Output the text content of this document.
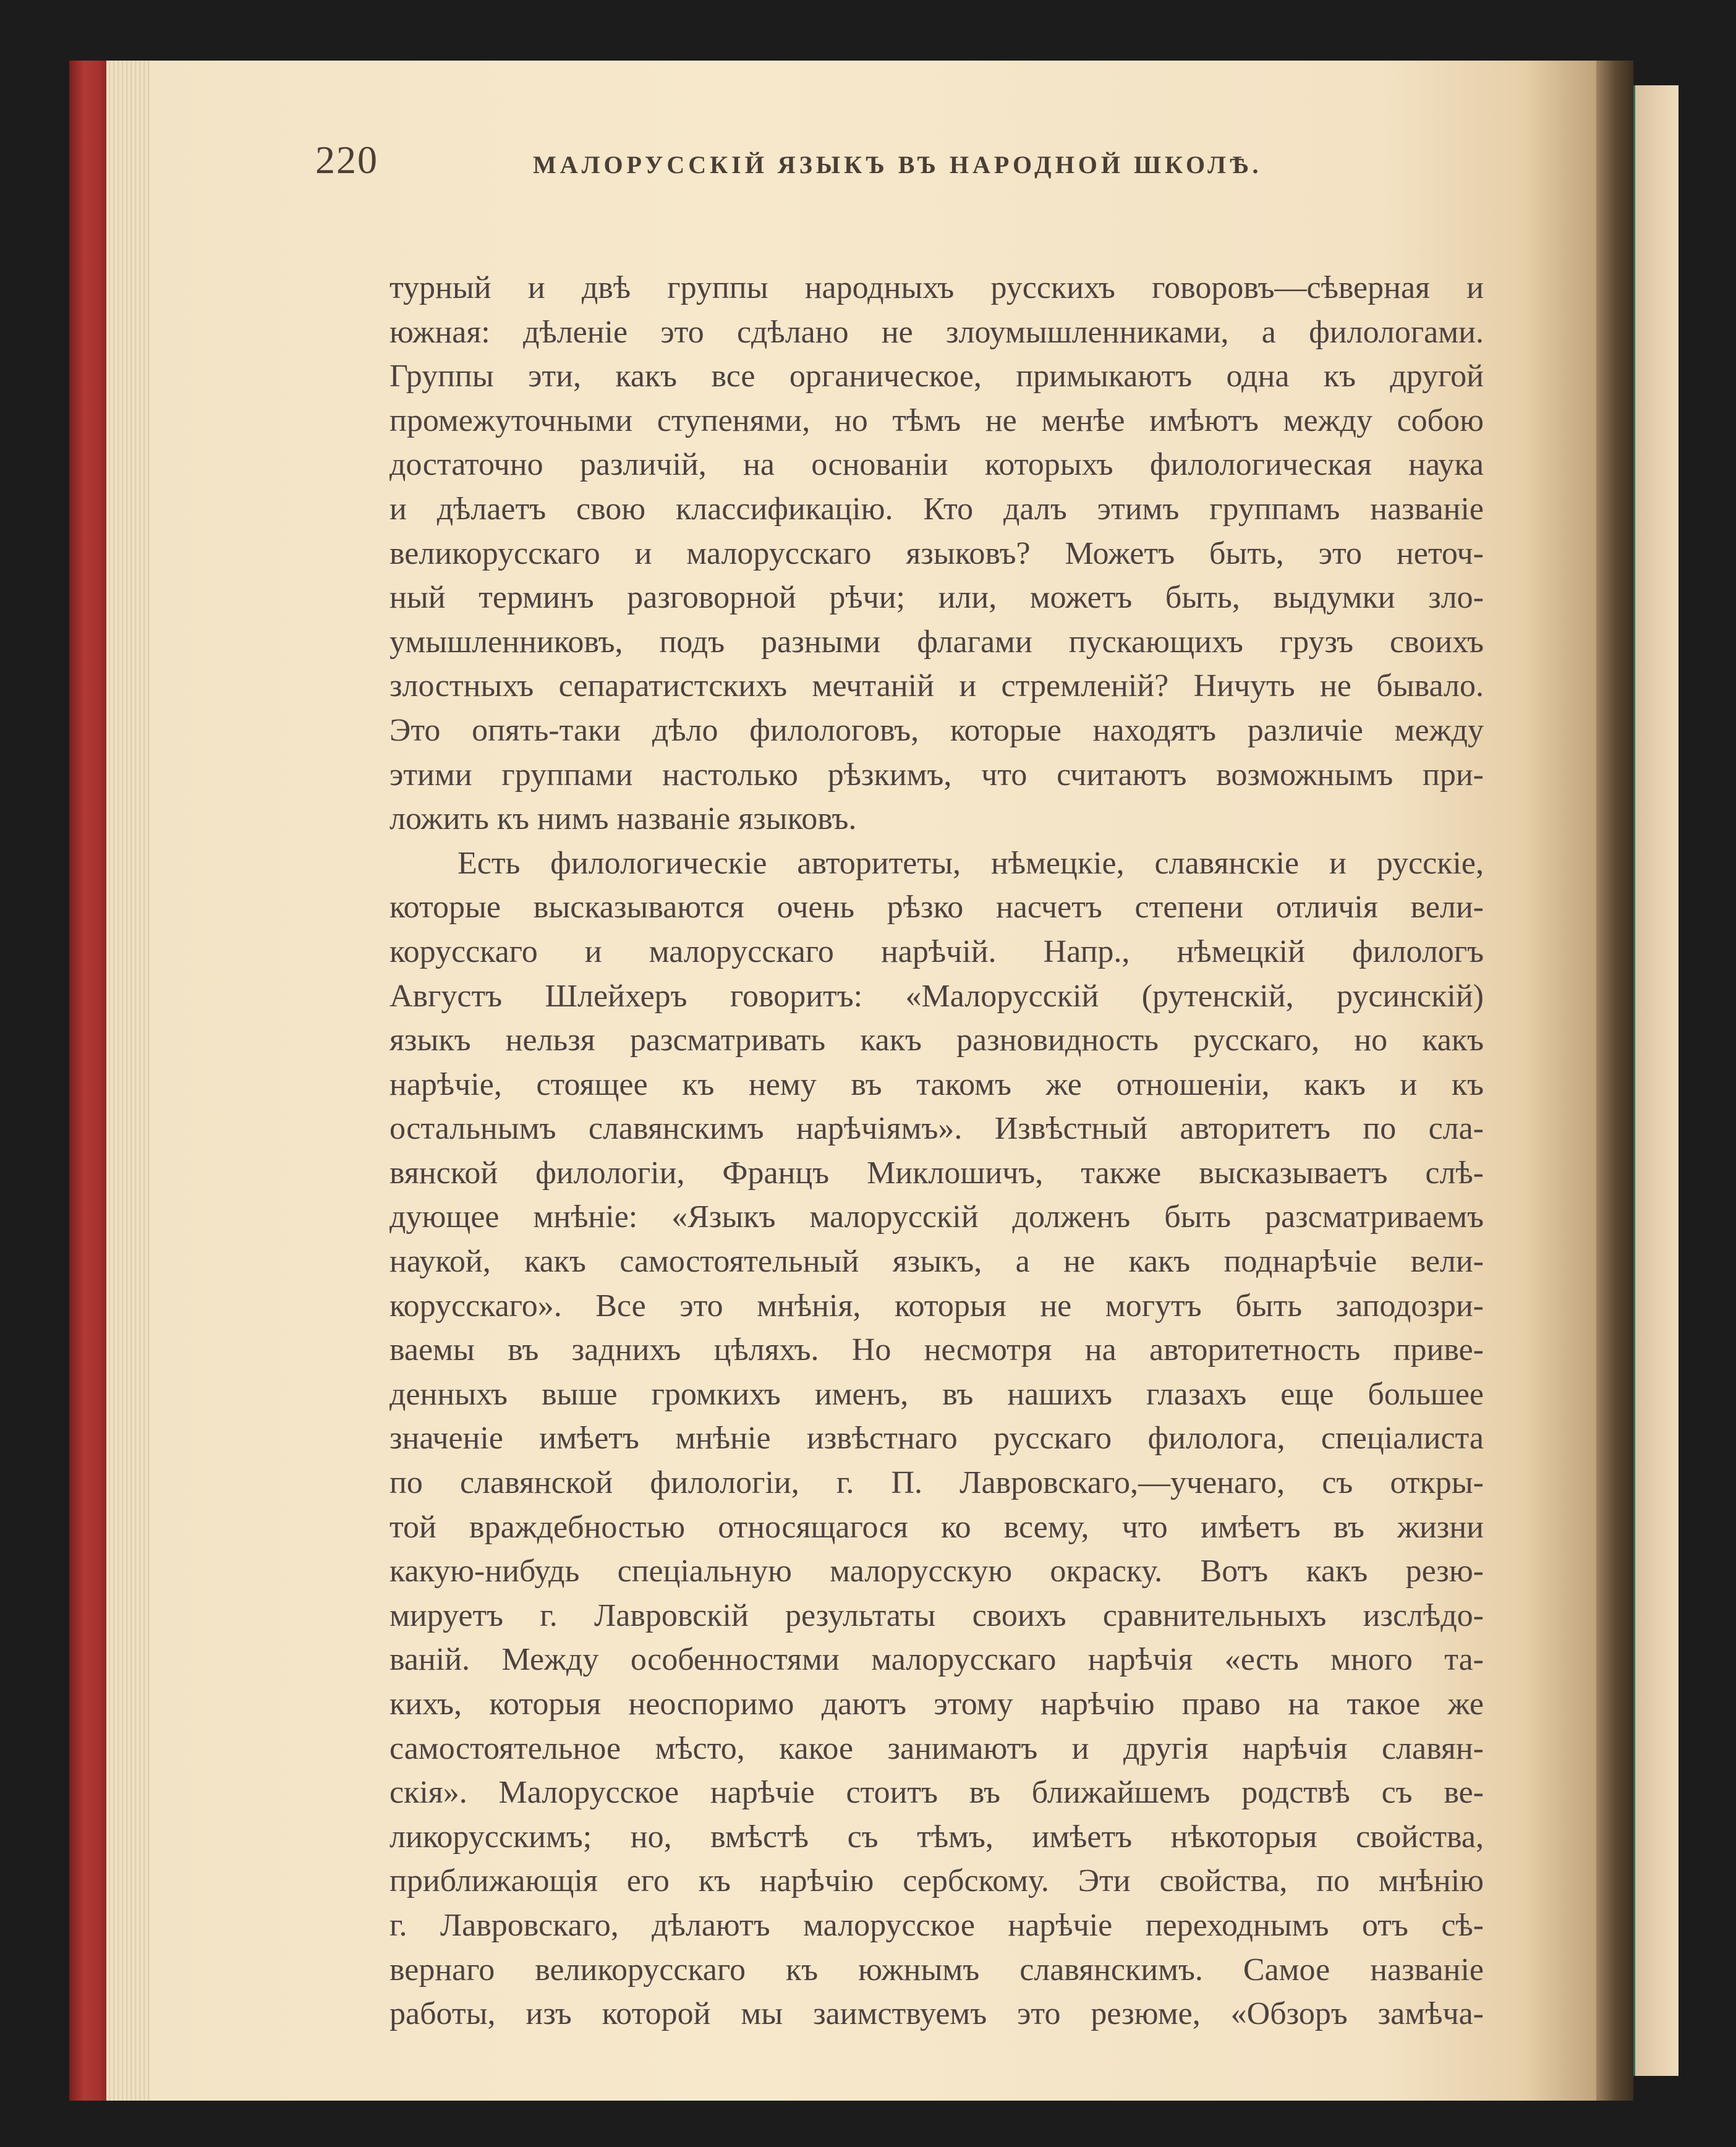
220	МАЛОРУССКІЙ ЯЗЫКЪ ВЪ НАРОДНОЙ ШКОЛѢ.
турный и двѣ группы народныхъ русскихъ говоровъ—сѣверная и
южная: дѣленіе это сдѣлано не злоумышленниками, а филологами.
Группы эти, какъ все органическое, примыкаютъ одна къ другой
промежуточными ступенями, но тѣмъ не менѣе имѣютъ между собою
достаточно различій, на основаніи которыхъ филологическая наука
и дѣлаетъ свою классификацію. Кто далъ этимъ группамъ названіе
великорусскаго и малорусскаго языковъ? Можетъ быть, это неточ-
ный терминъ разговорной рѣчи; или, можетъ быть, выдумки зло-
умышленниковъ, подъ разными флагами пускающихъ грузъ своихъ
злостныхъ сепаратистскихъ мечтаній и стремленій? Ничуть не бывало.
Это опять-таки дѣло филологовъ, которые находятъ различіе между
этими группами настолько рѣзкимъ, что считаютъ возможнымъ при-
ложить къ нимъ названіе языковъ.
Есть филологическіе авторитеты, нѣмецкіе, славянскіе и русскіе,
которые высказываются очень рѣзко насчетъ степени отличія вели-
корусскаго и малорусскаго нарѣчій. Напр., нѣмецкій филологъ
Августъ Шлейхеръ говоритъ: «Малорусскій (рутенскій, русинскій)
языкъ нельзя разсматривать какъ разновидность русскаго, но какъ
нарѣчіе, стоящее къ нему въ такомъ же отношеніи, какъ и къ
остальнымъ славянскимъ нарѣчіямъ». Извѣстный авторитетъ по сла-
вянской филологіи, Францъ Миклошичъ, также высказываетъ слѣ-
дующее мнѣніе: «Языкъ малорусскій долженъ быть разсматриваемъ
наукой, какъ самостоятельный языкъ, а не какъ поднарѣчіе вели-
корусскаго». Все это мнѣнія, которыя не могутъ быть заподозри-
ваемы въ заднихъ цѣляхъ. Но несмотря на авторитетность приве-
денныхъ выше громкихъ именъ, въ нашихъ глазахъ еще большее
значеніе имѣетъ мнѣніе извѣстнаго русскаго филолога, спеціалиста
по славянской филологіи, г. П. Лавровскаго,—ученаго, съ откры-
той враждебностью относящагося ко всему, что имѣетъ въ жизни
какую-нибудь спеціальную малорусскую окраску. Вотъ какъ резю-
мируетъ г. Лавровскій результаты своихъ сравнительныхъ изслѣдо-
ваній. Между особенностями малорусскаго нарѣчія «есть много та-
кихъ, которыя неоспоримо даютъ этому нарѣчію право на такое же
самостоятельное мѣсто, какое занимаютъ и другія нарѣчія славян-
скія». Малорусское нарѣчіе стоитъ въ ближайшемъ родствѣ съ ве-
ликорусскимъ; но, вмѣстѣ съ тѣмъ, имѣетъ нѣкоторыя свойства,
приближающія его къ нарѣчію сербскому. Эти свойства, по мнѣнію
г. Лавровскаго, дѣлаютъ малорусское нарѣчіе переходнымъ отъ сѣ-
вернаго великорусскаго къ южнымъ славянскимъ. Самое названіе
работы, изъ которой мы заимствуемъ это резюме, «Обзоръ замѣча-
